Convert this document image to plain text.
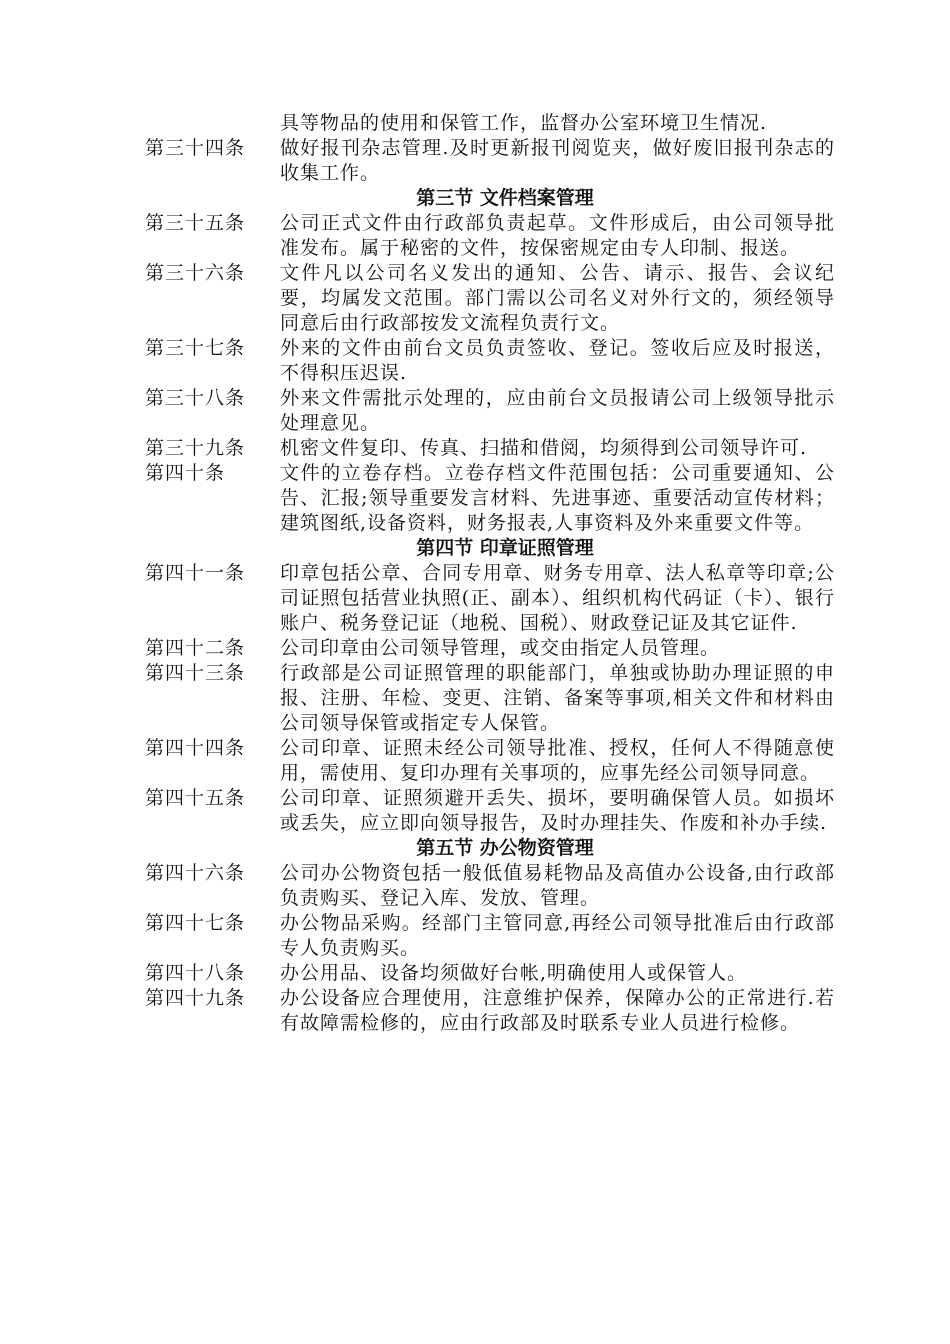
具等物品的使用和保管工作，监督办公室环境卫生情况.

第三十四条 做好报刊杂志管理.及时更新报刊阅览夹，做好废旧报刊杂志的收集工作。
第三节 文件档案管理
第三十五条 公司正式文件由行政部负责起草。文件形成后，由公司领导批准发布。属于秘密的文件，按保密规定由专人印制、报送。
第三十六条 文件凡以公司名义发出的通知、公告、请示、报告、会议纪要，均属发文范围。部门需以公司名义对外行文的，须经领导同意后由行政部按发文流程负责行文。
第三十七条 外来的文件由前台文员负责签收、登记。签收后应及时报送，不得积压迟误.
第三十八条 外来文件需批示处理的，应由前台文员报请公司上级领导批示处理意见。
第三十九条 机密文件复印、传真、扫描和借阅，均须得到公司领导许可.
第四十条	文件的立卷存档。立卷存档文件范围包括：公司重要通知、公告、汇报;领导重要发言材料、先进事迹、重要活动宣传材料；建筑图纸,设备资料，财务报表,人事资料及外来重要文件等。
第四节 印章证照管理
第四十一条 印章包括公章、合同专用章、财务专用章、法人私章等印章;公司证照包括营业执照(正、副本）、组织机构代码证（卡）、银行账户、税务登记证（地税、国税）、财政登记证及其它证件.
第四十二条 公司印章由公司领导管理，或交由指定人员管理。
第四十三条 行政部是公司证照管理的职能部门，单独或协助办理证照的申报、注册、年检、变更、注销、备案等事项,相关文件和材料由公司领导保管或指定专人保管。
第四十四条 公司印章、证照未经公司领导批准、授权，任何人不得随意使用，需使用、复印办理有关事项的，应事先经公司领导同意。
第四十五条 公司印章、证照须避开丢失、损坏，要明确保管人员。如损坏或丢失，应立即向领导报告，及时办理挂失、作废和补办手续.
第五节 办公物资管理
第四十六条 公司办公物资包括一般低值易耗物品及高值办公设备,由行政部负责购买、登记入库、发放、管理。
第四十七条 办公物品采购。经部门主管同意,再经公司领导批准后由行政部专人负责购买。
第四十八条 办公用品、设备均须做好台帐,明确使用人或保管人。
第四十九条 办公设备应合理使用，注意维护保养，保障办公的正常进行.若有故障需检修的，应由行政部及时联系专业人员进行检修。
